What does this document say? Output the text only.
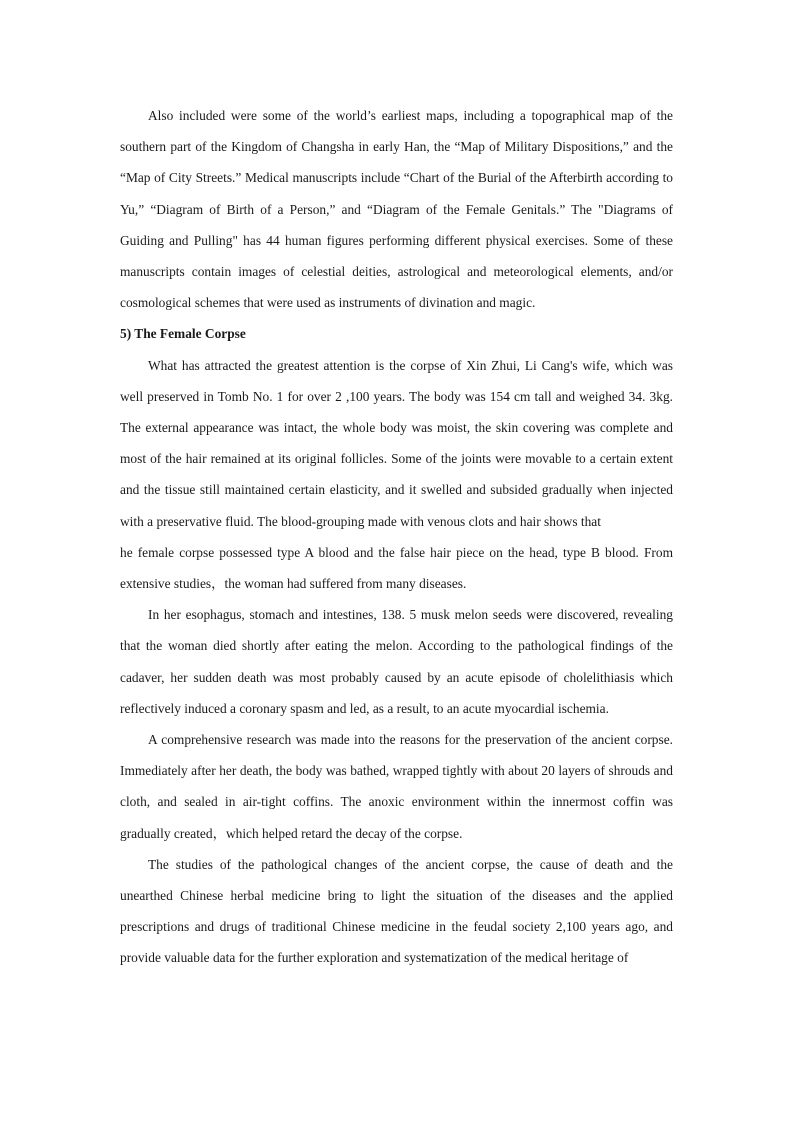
Also included were some of the world’s earliest maps, including a topographical map of the southern part of the Kingdom of Changsha in early Han, the “Map of Military Dispositions,” and the “Map of City Streets.” Medical manuscripts include “Chart of the Burial of the Afterbirth according to Yu,” “Diagram of Birth of a Person,” and “Diagram of the Female Genitals.” The "Diagrams of Guiding and Pulling" has 44 human figures performing different physical exercises. Some of these manuscripts contain images of celestial deities, astrological and meteorological elements, and/or cosmological schemes that were used as instruments of divination and magic.

5) The Female Corpse

What has attracted the greatest attention is the corpse of Xin Zhui, Li Cang's wife, which was well preserved in Tomb No. 1 for over 2 ,100 years. The body was 154 cm tall and weighed 34. 3kg. The external appearance was intact, the whole body was moist, the skin covering was complete and most of the hair remained at its original follicles. Some of the joints were movable to a certain extent and the tissue still maintained certain elasticity, and it swelled and subsided gradually when injected with a preservative fluid. The blood-grouping made with venous clots and hair shows that

he female corpse possessed type A blood and the false hair piece on the head, type B blood. From extensive studies，the woman had suffered from many diseases.

In her esophagus, stomach and intestines, 138. 5 musk melon seeds were discovered, revealing that the woman died shortly after eating the melon. According to the pathological findings of the cadaver, her sudden death was most probably caused by an acute episode of cholelithiasis which reflectively induced a coronary spasm and led, as a result, to an acute myocardial ischemia.

A comprehensive research was made into the reasons for the preservation of the ancient corpse. Immediately after her death, the body was bathed, wrapped tightly with about 20 layers of shrouds and cloth, and sealed in air-tight coffins. The anoxic environment within the innermost coffin was gradually created，which helped retard the decay of the corpse.

The studies of the pathological changes of the ancient corpse, the cause of death and the unearthed Chinese herbal medicine bring to light the situation of the diseases and the applied prescriptions and drugs of traditional Chinese medicine in the feudal society 2,100 years ago, and provide valuable data for the further exploration and systematization of the medical heritage of
